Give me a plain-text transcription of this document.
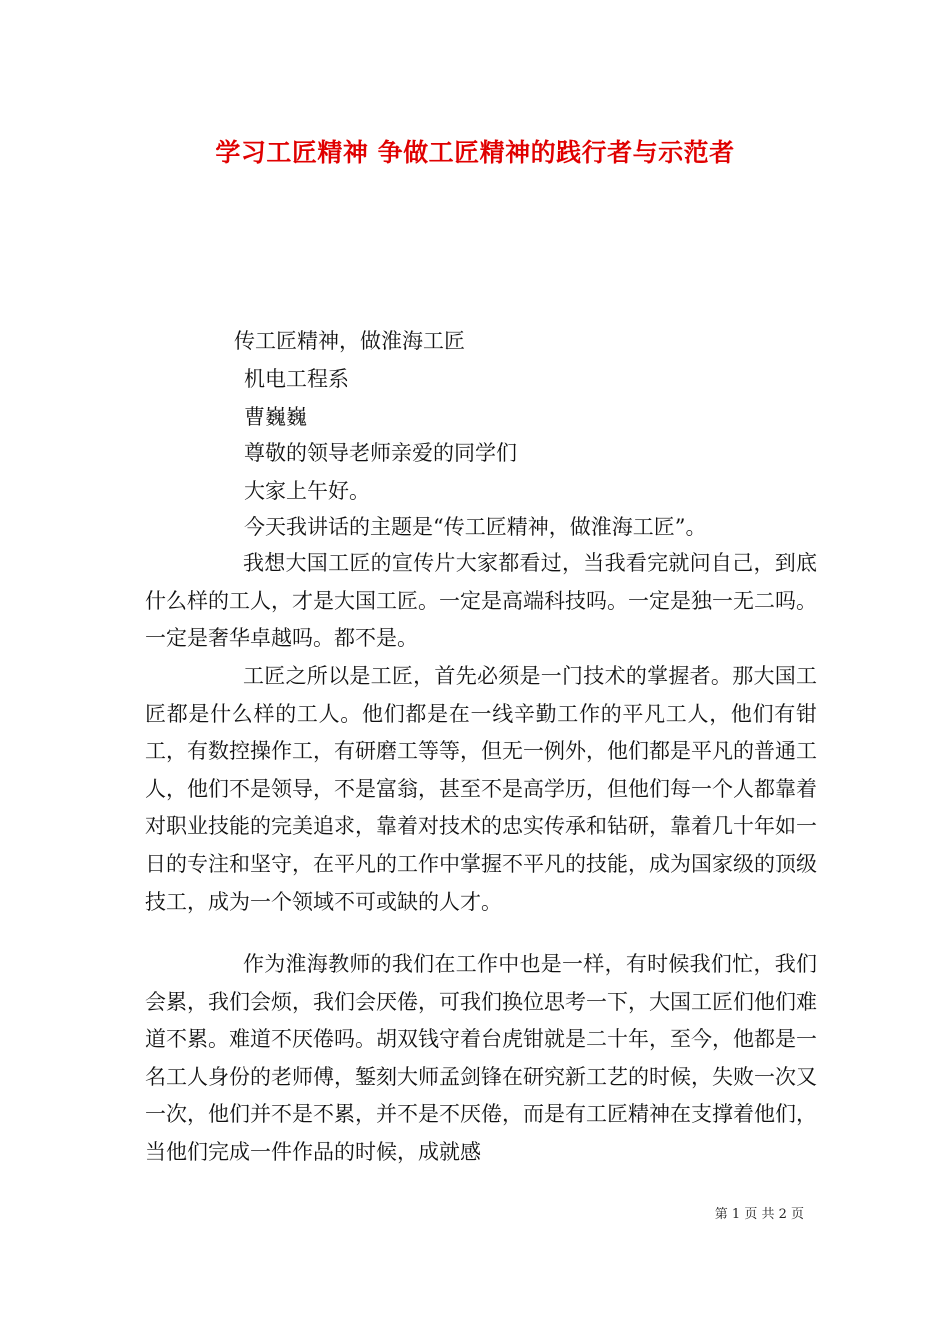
学习工匠精神 争做工匠精神的践行者与示范者

传工匠精神，做淮海工匠

机电工程系

曹巍巍

尊敬的领导老师亲爱的同学们

大家上午好。

今天我讲话的主题是“传工匠精神，做淮海工匠”。

我想大国工匠的宣传片大家都看过，当我看完就问自己，到底什么样的工人，才是大国工匠。一定是高端科技吗。一定是独一无二吗。一定是奢华卓越吗。都不是。

工匠之所以是工匠，首先必须是一门技术的掌握者。那大国工匠都是什么样的工人。他们都是在一线辛勤工作的平凡工人，他们有钳工，有数控操作工，有研磨工等等，但无一例外，他们都是平凡的普通工人，他们不是领导，不是富翁，甚至不是高学历，但他们每一个人都靠着对职业技能的完美追求，靠着对技术的忠实传承和钻研，靠着几十年如一日的专注和坚守，在平凡的工作中掌握不平凡的技能，成为国家级的顶级技工，成为一个领域不可或缺的人才。

作为淮海教师的我们在工作中也是一样，有时候我们忙，我们会累，我们会烦，我们会厌倦，可我们换位思考一下，大国工匠们他们难道不累。难道不厌倦吗。胡双钱守着台虎钳就是二十年，至今，他都是一名工人身份的老师傅，錾刻大师孟剑锋在研究新工艺的时候，失败一次又一次，他们并不是不累，并不是不厌倦，而是有工匠精神在支撑着他们，当他们完成一件作品的时候，成就感

第 1 页 共 2 页
